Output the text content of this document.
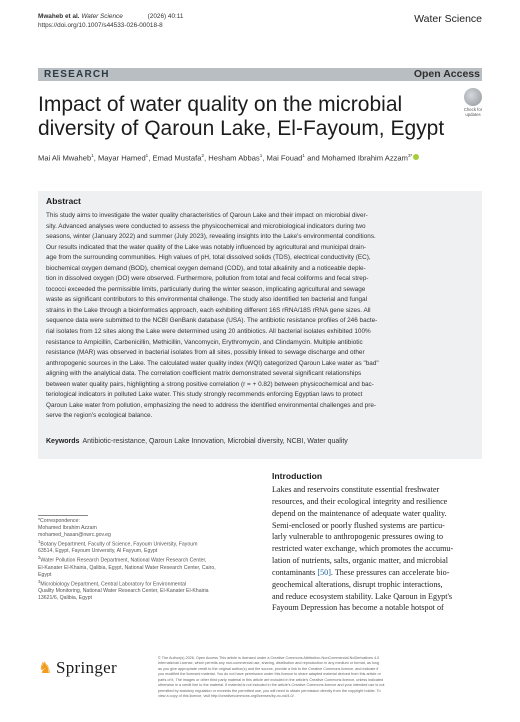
Mwaheb et al. Water Science	(2026) 40:11
https://doi.org/10.1007/s44533-026-00018-8
Water Science
RESEARCH	Open Access
Impact of water quality on the microbial diversity of Qaroun Lake, El-Fayoum, Egypt
Check for
updates
Mai Ali Mwaheb$^1$, Mayar Hamed$^1$, Emad Mustafa$^2$, Hesham Abbas$^1$, Mai Fouad$^1$ and Mohamed Ibrahim Azzam$^{3*}$
Abstract
This study aims to investigate the water quality characteristics of Qaroun Lake and their impact on microbial diver-
sity. Advanced analyses were conducted to assess the physicochemical and microbiological indicators during two
seasons, winter (January 2022) and summer (July 2023), revealing insights into the Lake's environmental conditions.
Our results indicated that the water quality of the Lake was notably influenced by agricultural and municipal drain-
age from the surrounding communities. High values of pH, total dissolved solids (TDS), electrical conductivity (EC),
biochemical oxygen demand (BOD), chemical oxygen demand (COD), and total alkalinity and a noticeable deple-
tion in dissolved oxygen (DO) were observed. Furthermore, pollution from total and fecal coliforms and fecal strep-
tococci exceeded the permissible limits, particularly during the winter season, implicating agricultural and sewage
waste as significant contributors to this environmental challenge. The study also identified ten bacterial and fungal
strains in the Lake through a bioinformatics approach, each exhibiting different 16S rRNA/18S rRNA gene sizes. All
sequence data were submitted to the NCBI GenBank database (USA). The antibiotic resistance profiles of 246 bacte-
rial isolates from 12 sites along the Lake were determined using 20 antibiotics. All bacterial isolates exhibited 100%
resistance to Ampicillin, Carbenicillin, Methicillin, Vancomycin, Erythromycin, and Clindamycin. Multiple antibiotic
resistance (MAR) was observed in bacterial isolates from all sites, possibly linked to sewage discharge and other
anthropogenic sources in the Lake. The calculated water quality index (WQI) categorized Qaroun Lake water as "bad"
aligning with the analytical data. The correlation coefficient matrix demonstrated several significant relationships
between water quality pairs, highlighting a strong positive correlation (r = + 0.82) between physicochemical and bac-
teriological indicators in polluted Lake water. This study strongly recommends enforcing Egyptian laws to protect
Qaroun Lake water from pollution, emphasizing the need to address the identified environmental challenges and pre-
serve the region's ecological balance.
Keywords Antibiotic-resistance, Qaroun Lake Innovation, Microbial diversity, NCBI, Water quality
*Correspondence:
Mohamed Ibrahim Azzam
mohamed_hasan@nwrc.gov.eg
$^1$Botany Department, Faculty of Science, Fayoum University, Fayoum
63514, Egypt, Fayoum University, Al Fayyum, Egypt
$^2$Water Pollution Research Department, National Water Research Center,
El-Kanater El-Khairia, Qalibia, Egypt, National Water Research Center, Cairo,
Egypt
$^3$Microbiology Department, Central Laboratory for Environmental
Quality Monitoring, National Water Research Center, El-Kanater El-Khairia
13621/6, Qalibia, Egypt
Introduction
Lakes and reservoirs constitute essential freshwater
resources, and their ecological integrity and resilience
depend on the maintenance of adequate water quality.
Semi-enclosed or poorly flushed systems are particu-
larly vulnerable to anthropogenic pressures owing to
restricted water exchange, which promotes the accumu-
lation of nutrients, salts, organic matter, and microbial
contaminants [50]. These pressures can accelerate bio-
geochemical alterations, disrupt trophic interactions,
and reduce ecosystem stability. Lake Qaroun in Egypt's
Fayoum Depression has become a notable hotspot of
♞ Springer	© The Author(s) 2026. Open Access This article is licensed under a Creative Commons Attribution-NonCommercial-NoDerivatives 4.0
International License, which permits any non-commercial use, sharing, distribution and reproduction in any medium or format, as long
as you give appropriate credit to the original author(s) and the source, provide a link to the Creative Commons licence, and indicate if
you modified the licensed material. You do not have permission under this licence to share adapted material derived from this article or
parts of it. The images or other third party material in this article are included in the article's Creative Commons licence, unless indicated
otherwise in a credit line to the material. If material is not included in the article's Creative Commons licence and your intended use is not
permitted by statutory regulation or exceeds the permitted use, you will need to obtain permission directly from the copyright holder. To
view a copy of this licence, visit http://creativecommons.org/licenses/by-nc-nd/4.0/.
